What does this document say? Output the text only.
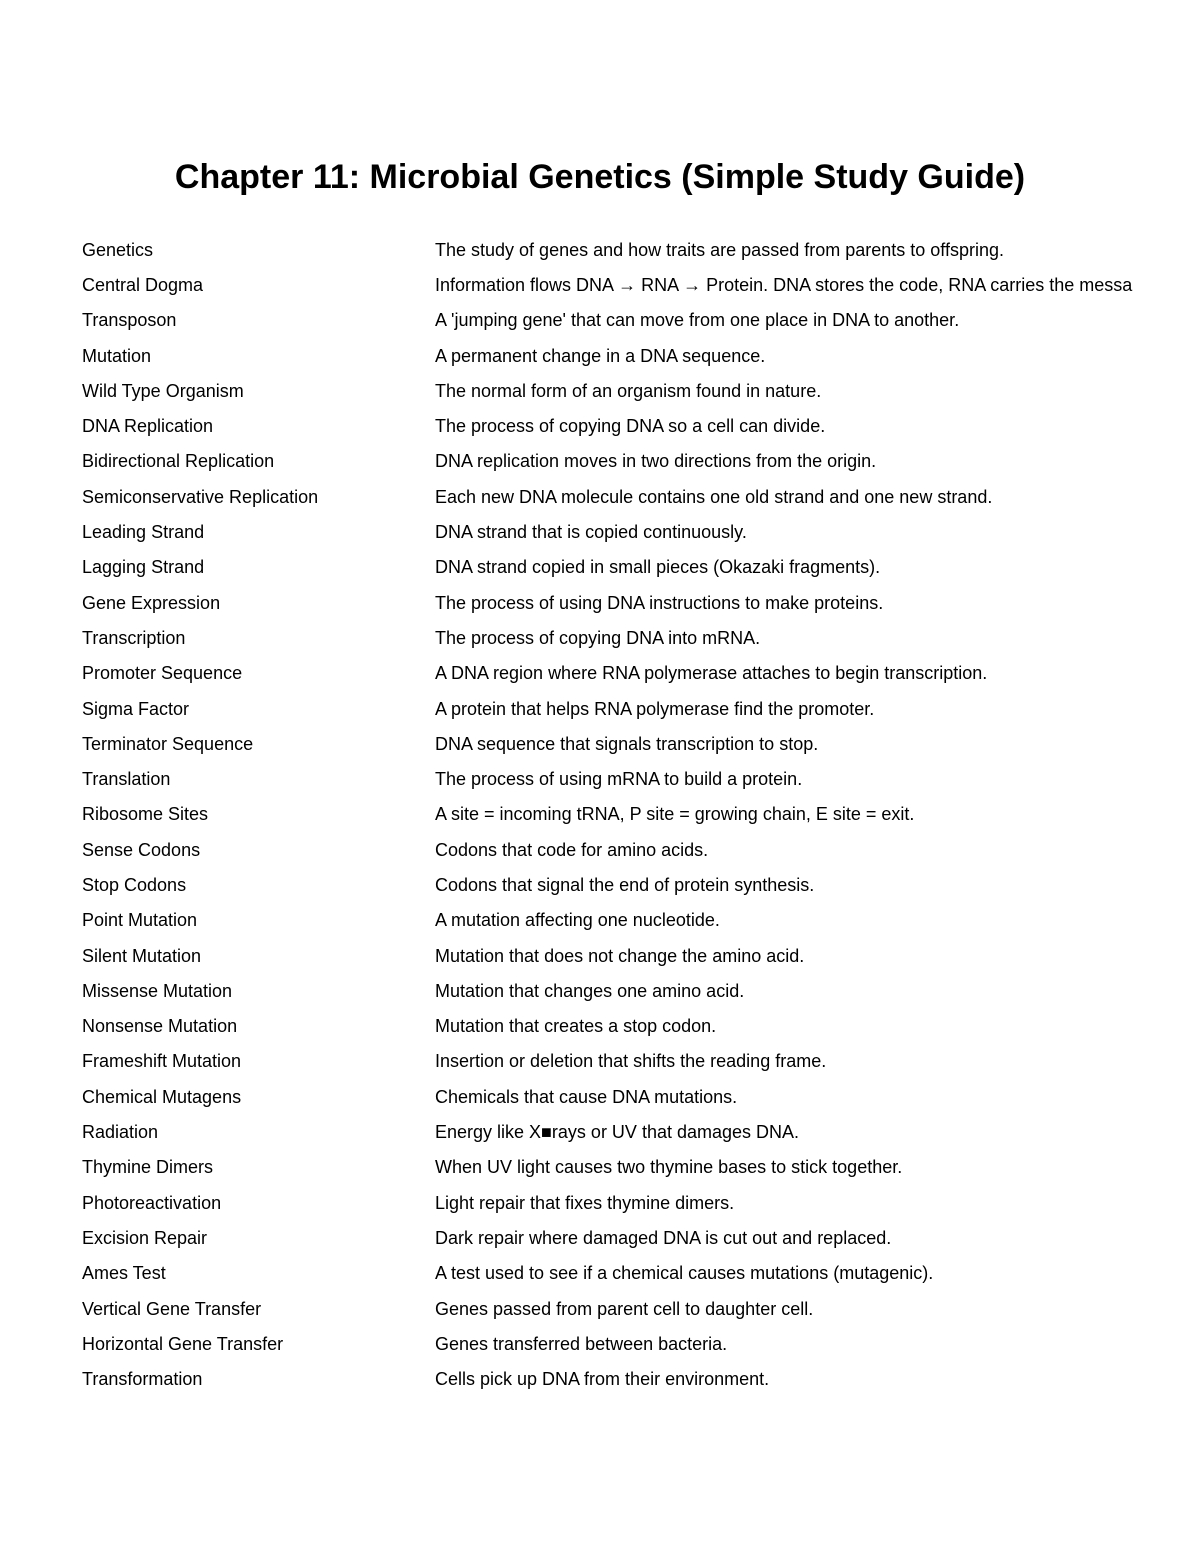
Chapter 11: Microbial Genetics (Simple Study Guide)
Genetics	The study of genes and how traits are passed from parents to offspring.
Central Dogma	Information flows DNA → RNA → Protein. DNA stores the code, RNA carries the messa
Transposon	A 'jumping gene' that can move from one place in DNA to another.
Mutation	A permanent change in a DNA sequence.
Wild Type Organism	The normal form of an organism found in nature.
DNA Replication	The process of copying DNA so a cell can divide.
Bidirectional Replication	DNA replication moves in two directions from the origin.
Semiconservative Replication	Each new DNA molecule contains one old strand and one new strand.
Leading Strand	DNA strand that is copied continuously.
Lagging Strand	DNA strand copied in small pieces (Okazaki fragments).
Gene Expression	The process of using DNA instructions to make proteins.
Transcription	The process of copying DNA into mRNA.
Promoter Sequence	A DNA region where RNA polymerase attaches to begin transcription.
Sigma Factor	A protein that helps RNA polymerase find the promoter.
Terminator Sequence	DNA sequence that signals transcription to stop.
Translation	The process of using mRNA to build a protein.
Ribosome Sites	A site = incoming tRNA, P site = growing chain, E site = exit.
Sense Codons	Codons that code for amino acids.
Stop Codons	Codons that signal the end of protein synthesis.
Point Mutation	A mutation affecting one nucleotide.
Silent Mutation	Mutation that does not change the amino acid.
Missense Mutation	Mutation that changes one amino acid.
Nonsense Mutation	Mutation that creates a stop codon.
Frameshift Mutation	Insertion or deletion that shifts the reading frame.
Chemical Mutagens	Chemicals that cause DNA mutations.
Radiation	Energy like X■rays or UV that damages DNA.
Thymine Dimers	When UV light causes two thymine bases to stick together.
Photoreactivation	Light repair that fixes thymine dimers.
Excision Repair	Dark repair where damaged DNA is cut out and replaced.
Ames Test	A test used to see if a chemical causes mutations (mutagenic).
Vertical Gene Transfer	Genes passed from parent cell to daughter cell.
Horizontal Gene Transfer	Genes transferred between bacteria.
Transformation	Cells pick up DNA from their environment.
